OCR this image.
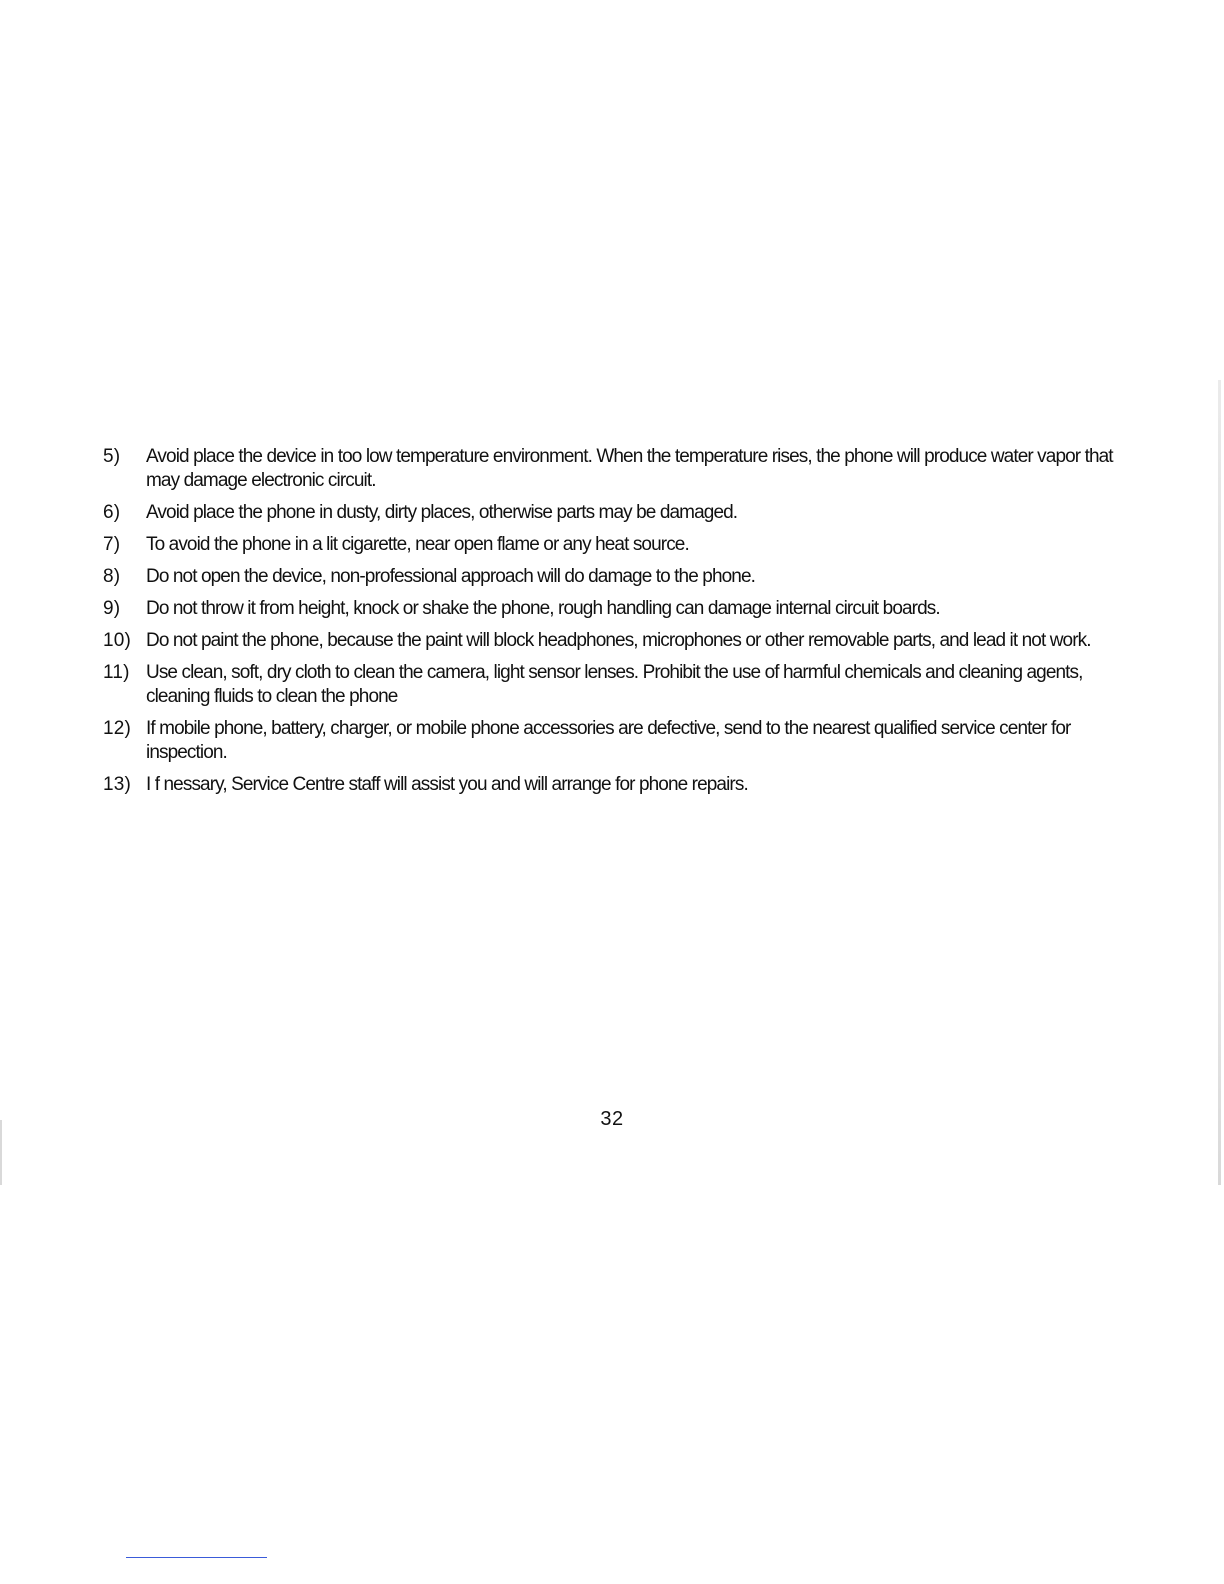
5)	Avoid place the device in too low temperature environment. When the temperature rises, the phone will produce water vapor that may damage electronic circuit.
6)	Avoid place the phone in dusty, dirty places, otherwise parts may be damaged.
7)	To avoid the phone in a lit cigarette, near open flame or any heat source.
8)	Do not open the device, non-professional approach will do damage to the phone.
9)	Do not throw it from height, knock or shake the phone, rough handling can damage internal circuit boards.
10) Do not paint the phone, because the paint will block headphones, microphones or other removable parts, and lead it not work.
11) Use clean, soft, dry cloth to clean the camera, light sensor lenses. Prohibit the use of harmful chemicals and cleaning agents, cleaning fluids to clean the phone
12) If mobile phone, battery, charger, or mobile phone accessories are defective, send to the nearest qualified service center for inspection.
13) I f nessary, Service Centre staff will assist you and will arrange for phone repairs.
32
